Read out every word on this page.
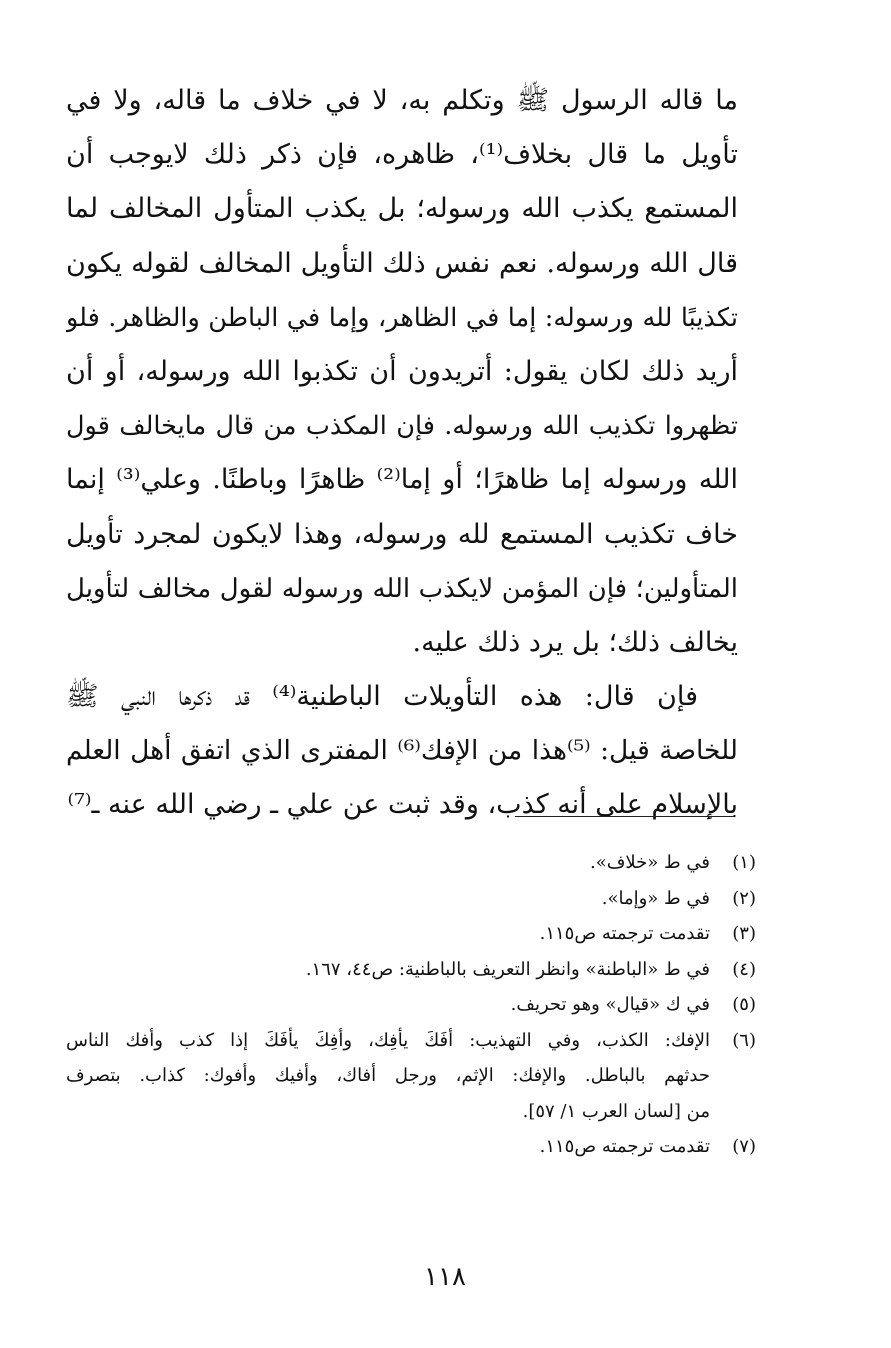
ما قاله الرسول ﷺ وتكلم به، لا في خلاف ما قاله، ولا في
تأويل ما قال بخلاف⁽¹⁾، ظاهره، فإن ذكر ذلك لايوجب أن
المستمع يكذب الله ورسوله؛ بل يكذب المتأول المخالف لما
قال الله ورسوله. نعم نفس ذلك التأويل المخالف لقوله يكون
تكذيبًا لله ورسوله: إما في الظاهر، وإما في الباطن والظاهر. فلو
أريد ذلك لكان يقول: أتريدون أن تكذبوا الله ورسوله، أو أن
تظهروا تكذيب الله ورسوله. فإن المكذب من قال مايخالف قول
الله ورسوله إما ظاهرًا؛ أو إما⁽²⁾ ظاهرًا وباطنًا. وعلي⁽³⁾ إنما
خاف تكذيب المستمع لله ورسوله، وهذا لايكون لمجرد تأويل
المتأولين؛ فإن المؤمن لايكذب الله ورسوله لقول مخالف لتأويل
يخالف ذلك؛ بل يرد ذلك عليه.
فإن قال: هذه التأويلات الباطنية⁽⁴⁾ قد ذكرها النبي ﷺ
للخاصة قيل: ⁽⁵⁾هذا من الإفك⁽⁶⁾ المفترى الذي اتفق أهل العلم
بالإسلام على أنه كذب، وقد ثبت عن علي ـ رضي الله عنه ـ⁽⁷⁾
(١)
في ط «خلاف».
(٢)
في ط «وإما».
(٣)
تقدمت ترجمته ص١١٥.
(٤)
في ط «الباطنة» وانظر التعريف بالباطنية: ص٤٤، ١٦٧.
(٥)
في ك «قيال» وهو تحريف.
(٦)
الإفك: الكذب، وفي التهذيب: أفَكَ يأفِك، وأفِكَ يأفَكَ إذا كذب وأفك الناس
حدثهم بالباطل. والإفك: الإثم، ورجل أفاك، وأفيك وأفوك: كذاب. بتصرف
من [لسان العرب ١/ ٥٧].
(٧)
تقدمت ترجمته ص١١٥.
١١٨
